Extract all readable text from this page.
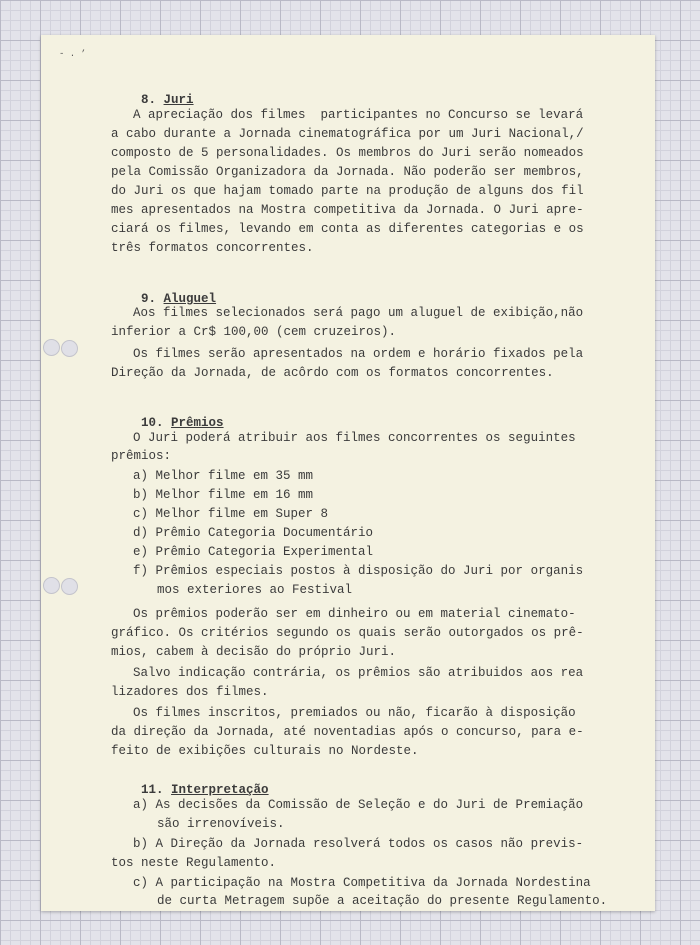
- . ’

8. Juri

A apreciação dos filmes  participantes no Concurso se levará
a cabo durante a Jornada cinematográfica por um Juri Nacional,/
composto de 5 personalidades. Os membros do Juri serão nomeados
pela Comissão Organizadora da Jornada. Não poderão ser membros,
do Juri os que hajam tomado parte na produção de alguns dos fil
mes apresentados na Mostra competitiva da Jornada. O Juri apre-
ciará os filmes, levando em conta as diferentes categorias e os
três formatos concorrentes.

9. Aluguel

Aos filmes selecionados será pago um aluguel de exibição,não
inferior a Cr$ 100,00 (cem cruzeiros).
Os filmes serão apresentados na ordem e horário fixados pela
Direção da Jornada, de acôrdo com os formatos concorrentes.

10. Prêmios

O Juri poderá atribuir aos filmes concorrentes os seguintes
prêmios:
a) Melhor filme em 35 mm
b) Melhor filme em 16 mm
c) Melhor filme em Super 8
d) Prêmio Categoria Documentário
e) Prêmio Categoria Experimental
f) Prêmios especiais postos à disposição do Juri por organis
mos exteriores ao Festival
Os prêmios poderão ser em dinheiro ou em material cinemato-
gráfico. Os critérios segundo os quais serão outorgados os prê-
mios, cabem à decisão do próprio Juri.
Salvo indicação contrária, os prêmios são atribuidos aos rea
lizadores dos filmes.
Os filmes inscritos, premiados ou não, ficarão à disposição
da direção da Jornada, até noventadias após o concurso, para e-
feito de exibições culturais no Nordeste.

11. Interpretação

a) As decisões da Comissão de Seleção e do Juri de Premiação
são irrenovíveis.
b) A Direção da Jornada resolverá todos os casos não previs-
tos neste Regulamento.
c) A participação na Mostra Competitiva da Jornada Nordestina
de curta Metragem supõe a aceitação do presente Regulamento.
